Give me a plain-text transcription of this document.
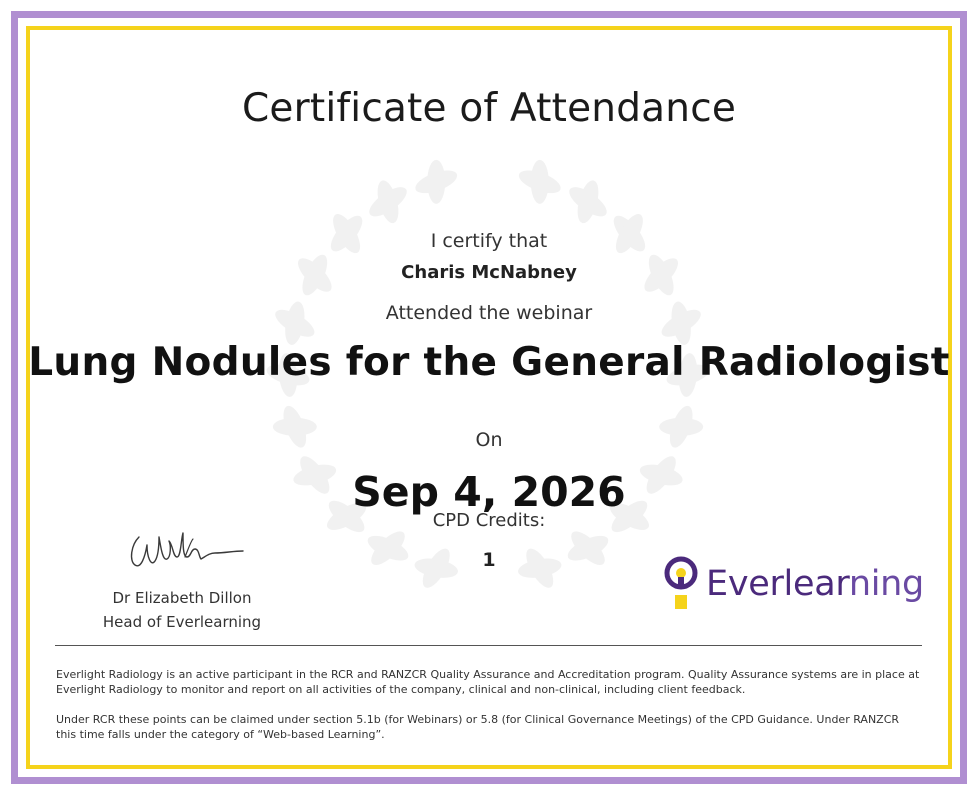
Certificate of Attendance
I certify that
Charis McNabney
Attended the webinar
Lung Nodules for the General Radiologist
On
Sep 4, 2026
CPD Credits:
1
Dr Elizabeth Dillon
Head of Everlearning
Everlearning
Everlight Radiology is an active participant in the RCR and RANZCR Quality Assurance and Accreditation program. Quality Assurance systems are in place at Everlight Radiology to monitor and report on all activities of the company, clinical and non-clinical, including client feedback.
Under RCR these points can be claimed under section 5.1b (for Webinars) or 5.8 (for Clinical Governance Meetings) of the CPD Guidance. Under RANZCR this time falls under the category of “Web-based Learning”.
